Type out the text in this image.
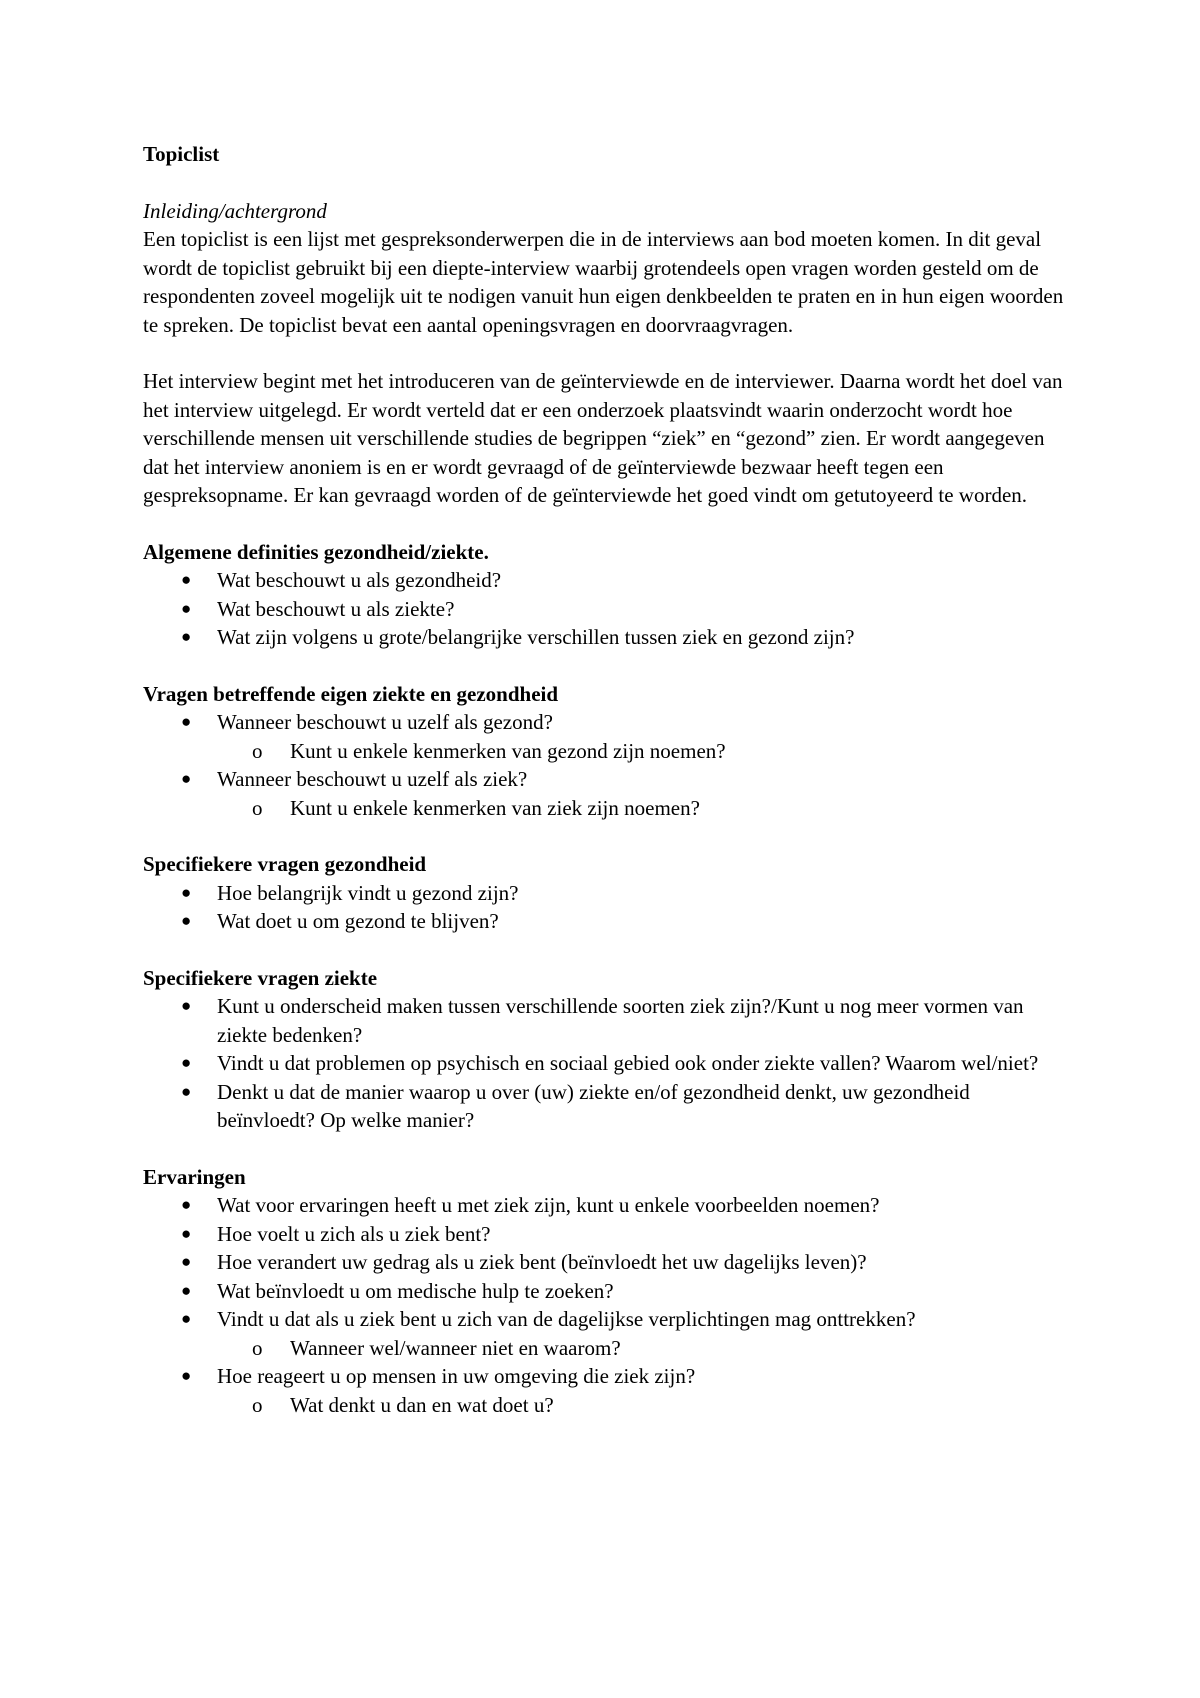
Topiclist

Inleiding/achtergrond

Een topiclist is een lijst met gespreksonderwerpen die in de interviews aan bod moeten komen. In dit geval wordt de topiclist gebruikt bij een diepte-interview waarbij grotendeels open vragen worden gesteld om de respondenten zoveel mogelijk uit te nodigen vanuit hun eigen denkbeelden te praten en in hun eigen woorden te spreken. De topiclist bevat een aantal openingsvragen en doorvraagvragen.

Het interview begint met het introduceren van de geïnterviewde en de interviewer. Daarna wordt het doel van het interview uitgelegd. Er wordt verteld dat er een onderzoek plaatsvindt waarin onderzocht wordt hoe verschillende mensen uit verschillende studies de begrippen “ziek” en “gezond” zien. Er wordt aangegeven dat het interview anoniem is en er wordt gevraagd of de geïnterviewde bezwaar heeft tegen een gespreksopname. Er kan gevraagd worden of de geïnterviewde het goed vindt om getutoyeerd te worden.

Algemene definities gezondheid/ziekte.

● Wat beschouwt u als gezondheid?
● Wat beschouwt u als ziekte?
● Wat zijn volgens u grote/belangrijke verschillen tussen ziek en gezond zijn?

Vragen betreffende eigen ziekte en gezondheid

● Wanneer beschouwt u uzelf als gezond?
o Kunt u enkele kenmerken van gezond zijn noemen?
● Wanneer beschouwt u uzelf als ziek?
o Kunt u enkele kenmerken van ziek zijn noemen?

Specifiekere vragen gezondheid

● Hoe belangrijk vindt u gezond zijn?
● Wat doet u om gezond te blijven?

Specifiekere vragen ziekte

● Kunt u onderscheid maken tussen verschillende soorten ziek zijn?/Kunt u nog meer vormen van ziekte bedenken?
● Vindt u dat problemen op psychisch en sociaal gebied ook onder ziekte vallen? Waarom wel/niet?
● Denkt u dat de manier waarop u over (uw) ziekte en/of gezondheid denkt, uw gezondheid beïnvloedt? Op welke manier?

Ervaringen

● Wat voor ervaringen heeft u met ziek zijn, kunt u enkele voorbeelden noemen?
● Hoe voelt u zich als u ziek bent?
● Hoe verandert uw gedrag als u ziek bent (beïnvloedt het uw dagelijks leven)?
● Wat beïnvloedt u om medische hulp te zoeken?
● Vindt u dat als u ziek bent u zich van de dagelijkse verplichtingen mag onttrekken?
o Wanneer wel/wanneer niet en waarom?
● Hoe reageert u op mensen in uw omgeving die ziek zijn?
o Wat denkt u dan en wat doet u?
